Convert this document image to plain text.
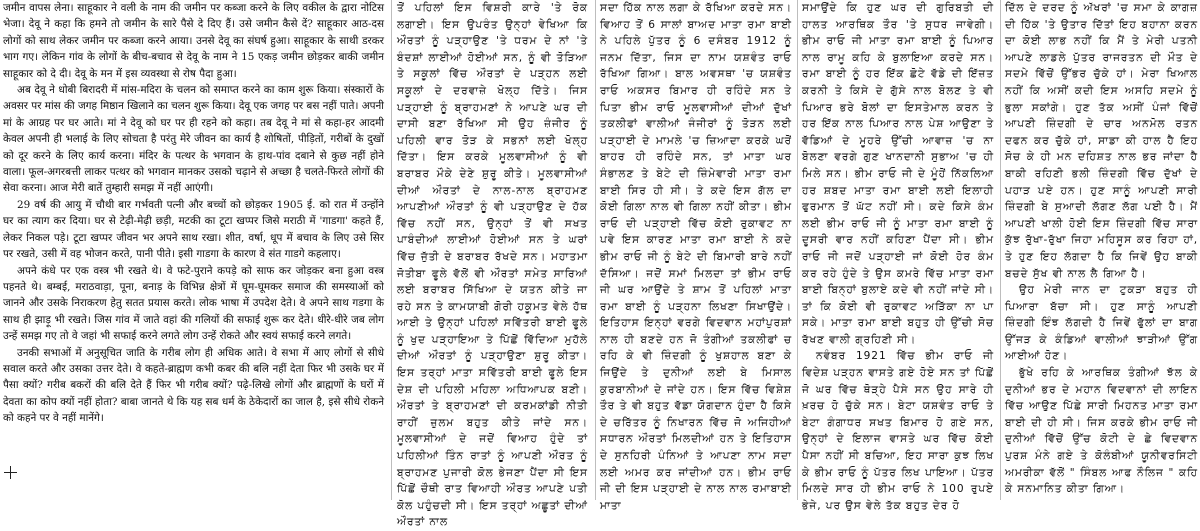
जमीन वापस लेना। साहूकार ने वली के नाम की जमीन पर कब्जा करने के लिए वकील के द्वारा नोटिस भेजा। देवू ने कहा कि हमने तो जमीन के सारे पैसे दे दिए हैं। उसे जमीन कैसे दें? साहूकार आठ-दस लोगों को साथ लेकर जमीन पर कब्जा करने आया। उनसे देवू का संघर्ष हुआ। साहूकार के साथी डरकर भाग गए। लेकिन गांव के लोगों के बीच-बचाव से देवू के नाम ने 15 एकड़ जमीन छोड़कर बाकी जमीन साहूकार को दे दी। देवू के मन में इस व्यवस्था से रोष पैदा हुआ।

अब देवू ने धोबी बिरादरी में मांस-मदिरा के चलन को समाप्त करने का काम शुरू किया। संस्कारों के अवसर पर मांस की जगह मिष्ठान खिलाने का चलन शुरू किया। देवू एक जगह पर बस नहीं पाते। अपनी मां के आग्रह पर घर आते। मां ने देवू को घर पर ही रहने को कहा। तब देवू ने मां से कहा-हर आदमी केवल अपनी ही भलाई के लिए सोचता है परंतु मेरे जीवन का कार्य है शोषितों, पीड़ितों, गरीबों के दुखों को दूर करने के लिए कार्य करना। मंदिर के पत्थर के भगवान के हाथ-पांव दबाने से कुछ नहीं होने वाला। फूल-अगरबत्ती लाकर पत्थर को भगवान मानकर उसको चढ़ाने से अच्छा है चलते-फिरते लोगों की सेवा करना। आज मेरी बातें तुम्हारी समझ में नहीं आएंगी।

29 वर्ष की आयु में चौथी बार गर्भवती पत्नी और बच्चों को छोड़कर 1905 ई. को रात में उन्होंने घर का त्याग कर दिया। घर से टेढ़ी-मेढ़ी छड़ी, मटकी का टूटा खप्पर जिसे मराठी में 'गाडगा' कहते हैं, लेकर निकल पड़े। टूटा खप्पर जीवन भर अपने साथ रखा। शीत, वर्षा, धूप में बचाव के लिए उसे सिर पर रखते, उसी में वह भोजन करते, पानी पीते। इसी गाडगा के कारण वे संत गाडगे कहलाए।

अपने कंधे पर एक वस्त्र भी रखते थे। वे फटे-पुराने कपड़े को साफ कर जोड़कर बना हुआ वस्त्र पहनते थे। बम्बई, मराठवाड़ा, पूना, बनाड़ के विभिन्न क्षेत्रों में घूम-घूमकर समाज की समस्याओं को जानने और उसके निराकरण हेतु सतत प्रयास करते। लोक भाषा में उपदेश देते। वे अपने साथ गडगा के साथ ही झाड़ू भी रखते। जिस गांव में जाते वहां की गलियों की सफाई शुरू कर देते। धीरे-धीरे जब लोग उन्हें समझ गए तो वे जहां भी सफाई करने लगते लोग उन्हें रोकते और स्वयं सफाई करने लगते।

उनकी सभाओं में अनुसूचित जाति के गरीब लोग ही अधिक आते। वे सभा में आए लोगों से सीधे सवाल करते और उसका उत्तर देते। वे कहते-ब्राह्मण कभी कबर की बलि नहीं देता फिर भी उसके घर में पैसा क्यों? गरीब बकरों की बलि देते हैं फिर भी गरीब क्यों? पढ़े-लिखे लोगों और ब्राह्मणों के घरों में देवता का कोप क्यों नहीं होता? बाबा जानते थे कि यह सब धर्म के ठेकेदारों का जाल है, इसे सीधे रोकने को कहने पर वे नहीं मानेंगे।

ਤੋਂ ਪਹਿਲਾਂ ਇਸ ਵਿਸ਼ਰੀ ਕਾਰੇ 'ਤੇ ਰੋਕ ਲਗਾਈ। ਇਸ ਉਪਰੰਤ ਉਨ੍ਹਾਂ ਵੇਖਿਆ ਕਿ ਔਰਤਾਂ ਨੂੰ ਪੜ੍ਹਾਉਣ 'ਤੇ ਧਰਮ ਦੇ ਨਾਂ 'ਤੇ ਬੰਦਸ਼ਾਂ ਲਾਈਆਂ ਹੋਈਆਂ ਸਨ, ਨੂੰ ਵੀ ਤੋੜਿਆ ਤੇ ਸਕੂਲਾਂ ਵਿੱਚ ਔਰਤਾਂ ਦੇ ਪੜ੍ਹਨ ਲਈ ਸਕੂਲਾਂ ਦੇ ਦਰਵਾਜ਼ੇ ਖੋਲ੍ਹ ਦਿੱਤੇ। ਜਿਸ ਪੜ੍ਹਾਈ ਨੂੰ ਬ੍ਰਾਹਮਣਾਂ ਨੇ ਆਪਣੇ ਘਰ ਦੀ ਦਾਸੀ ਬਣਾ ਰੱਖਿਆ ਸੀ ਉਹ ਜ਼ੰਜੀਰ ਨੂੰ ਪਹਿਲੀ ਵਾਰ ਤੋੜ ਕੇ ਸਭਨਾਂ ਲਈ ਖੋਲ੍ਹ ਦਿੱਤਾ। ਇਸ ਕਰਕੇ ਮੂਲਵਾਸੀਆਂ ਨੂੰ ਵੀ ਬਰਾਬਰ ਮੌਕੇ ਦੇਣੇ ਸ਼ੁਰੂ ਕੀਤੇ। ਮੂਲਵਾਸੀਆਂ ਦੀਆਂ ਔਰਤਾਂ ਦੇ ਨਾਲ-ਨਾਲ ਬ੍ਰਾਹਮਣ ਆਪਣੀਆਂ ਔਰਤਾਂ ਨੂੰ ਵੀ ਪੜ੍ਹਾਉਣ ਦੇ ਹੱਕ ਵਿੱਚ ਨਹੀਂ ਸਨ, ਉਨ੍ਹਾਂ ਤੋਂ ਵੀ ਸਖਤ ਪਾਬੰਦੀਆਂ ਲਾਈਆਂ ਹੋਈਆਂ ਸਨ ਤੇ ਘਰਾਂ ਵਿੱਚ ਜੁੱਤੀ ਦੇ ਬਰਾਬਰ ਰੱਖਦੇ ਸਨ। ਮਹਾਤਮਾ ਜੋਤੀਬਾ ਫੂਲੇ ਵੱਲੋਂ ਵੀ ਔਰਤਾਂ ਸਮੇਤ ਸਾਰਿਆਂ ਲਈ ਬਰਾਬਰ ਸਿੱਖਿਆ ਦੇ ਯਤਨ ਕੀਤੇ ਜਾ ਰਹੇ ਸਨ ਤੇ ਕਾਮਯਾਬੀ ਗੋਰੀ ਹਕੂਮਤ ਵੇਲੇ ਹੱਥ ਆਈ ਤੇ ਉਨ੍ਹਾਂ ਪਹਿਲਾਂ ਸਵਿੱਤਰੀ ਬਾਈ ਫੂਲੇ ਨੂੰ ਖੁਦ ਪੜ੍ਹਾਇਆ ਤੇ ਪਿੱਛੋਂ ਵਿੱਦਿਆ ਮੁਹੱਲੇ ਦੀਆਂ ਔਰਤਾਂ ਨੂੰ ਪੜ੍ਹਾਉਣਾ ਸ਼ੁਰੂ ਕੀਤਾ। ਇਸ ਤਰ੍ਹਾਂ ਮਾਤਾ ਸਵਿੱਤਰੀ ਬਾਈ ਫੂਲੇ ਇਸ ਦੇਸ਼ ਦੀ ਪਹਿਲੀ ਮਹਿਲਾ ਅਧਿਆਪਕ ਬਣੀ। ਔਰਤਾਂ ਤੇ ਬ੍ਰਾਹਮਣਾਂ ਦੀ ਕਰਮਕਾਂਡੀ ਨੀਤੀ ਰਾਹੀਂ ਜ਼ੁਲਮ ਬਹੁਤ ਕੀਤੇ ਜਾਂਦੇ ਸਨ। ਮੂਲਵਾਸੀਆਂ ਦੇ ਜਦੋਂ ਵਿਆਹ ਹੁੰਦੇ ਤਾਂ ਪਹਿਲੀਆਂ ਤਿੰਨ ਰਾਤਾਂ ਨੂੰ ਆਪਣੀ ਔਰਤ ਨੂੰ ਬ੍ਰਾਹਮਣ ਪੁਜਾਰੀ ਕੋਲ ਭੇਜਣਾ ਪੈਂਦਾ ਸੀ ਇਸ ਪਿੱਛੋਂ ਚੌਥੀ ਰਾਤ ਵਿਆਹੀ ਔਰਤ ਆਪਣੇ ਪਤੀ ਕੋਲ ਪਹੁੰਚਦੀ ਸੀ। ਇਸ ਤਰ੍ਹਾਂ ਅਛੂਤਾਂ ਦੀਆਂ ਔਰਤਾਂ ਨਾਲ

ਸਦਾ ਹਿੱਕ ਨਾਲ ਲਗਾ ਕੇ ਰੱਖਿਆ ਕਰਦੇ ਸਨ। ਵਿਆਹ ਤੋਂ 6 ਸਾਲਾਂ ਬਾਅਦ ਮਾਤਾ ਰਮਾ ਬਾਈ ਨੇ ਪਹਿਲੇ ਪੁੱਤਰ ਨੂੰ 6 ਦਸੰਬਰ 1912 ਨੂੰ ਜਨਮ ਦਿੱਤਾ, ਜਿਸ ਦਾ ਨਾਮ ਯਸ਼ਵੰਤ ਰਾਓ ਰੱਖਿਆ ਗਿਆ। ਬਾਲ ਅਵਸਥਾ 'ਚ ਯਸ਼ਵੰਤ ਰਾਓ ਅਕਸਰ ਬਿਮਾਰ ਹੀ ਰਹਿੰਦੇ ਸਨ ਤੇ ਪਿਤਾ ਭੀਮ ਰਾਓ ਮੂਲਵਾਸੀਆਂ ਦੀਆਂ ਦੁੱਖਾਂ ਤਕਲੀਫਾਂ ਵਾਲੀਆਂ ਜੰਜੀਰਾਂ ਨੂੰ ਤੋੜਨ ਲਈ ਪੜ੍ਹਾਈ ਦੇ ਮਾਮਲੇ 'ਚ ਜ਼ਿਆਦਾ ਕਰਕੇ ਘਰੋਂ ਬਾਹਰ ਹੀ ਰਹਿੰਦੇ ਸਨ, ਤਾਂ ਮਾਤਾ ਘਰ ਸੰਭਾਲਣ ਤੇ ਬੇਟੇ ਦੀ ਜ਼ਿੰਮੇਵਾਰੀ ਮਾਤਾ ਰਮਾ ਬਾਈ ਸਿਰ ਹੀ ਸੀ। ਤੇ ਕਦੇ ਇਸ ਗੱਲ ਦਾ ਕੋਈ ਗਿਲਾ ਨਾਲ ਵੀ ਗਿਲਾ ਨਹੀਂ ਕੀਤਾ। ਭੀਮ ਰਾਓ ਦੀ ਪੜ੍ਹਾਈ ਵਿੱਚ ਕੋਈ ਰੁਕਾਵਟ ਨਾ ਪਵੇ ਇਸ ਕਾਰਣ ਮਾਤਾ ਰਮਾ ਬਾਈ ਨੇ ਕਦੇ ਭੀਮ ਰਾਓ ਜੀ ਨੂੰ ਬੇਟੇ ਦੀ ਬਿਮਾਰੀ ਬਾਰੇ ਨਹੀਂ ਦੱਸਿਆ। ਜਦੋਂ ਸਮਾਂ ਮਿਲਦਾ ਤਾਂ ਭੀਮ ਰਾਓ ਜੀ ਘਰ ਆਉਂਦੇ ਤੇ ਸ਼ਾਮ ਤੋਂ ਪਹਿਲਾਂ ਮਾਤਾ ਰਮਾ ਬਾਈ ਨੂੰ ਪੜ੍ਹਨਾ ਲਿਖਣਾ ਸਿਖਾਉਂਦੇ। ਇਤਿਹਾਸ ਇਨ੍ਹਾਂ ਵਰਗੇ ਵਿਦਵਾਨ ਮਹਾਂਪੁਰਸ਼ਾਂ ਨਾਲ ਹੀ ਬਣਦੇ ਹਨ ਜੋ ਤੰਗੀਆਂ ਤਕਲੀਫਾਂ ਚ ਰਹਿ ਕੇ ਵੀ ਜ਼ਿੰਦਗੀ ਨੂੰ ਖੁਸ਼ਹਾਲ ਬਣਾ ਕੇ ਜਿਉਂਦੇ ਤੇ ਦੁਨੀਆਂ ਲਈ ਬੇ ਮਿਸਾਲ ਕੁਰਬਾਨੀਆਂ ਦੇ ਜਾਂਦੇ ਹਨ। ਇਸ ਵਿੱਚ ਵਿਸ਼ੇਸ਼ ਤੌਰ ਤੇ ਵੀ ਬਹੁਤ ਵੱਡਾ ਯੋਗਦਾਨ ਹੁੰਦਾ ਹੈ ਕਿਸੇ ਦੇ ਚਰਿੱਤਰ ਨੂੰ ਨਿਖਾਰਨ ਵਿੱਚ ਜੋ ਅਜਿਹੀਆਂ ਸਧਾਰਨ ਔਰਤਾਂ ਮਿਲਦੀਆਂ ਹਨ ਤੇ ਇਤਿਹਾਸ ਦੇ ਸੁਨਹਿਰੀ ਪੰਨਿਆਂ ਤੇ ਆਪਣਾ ਨਾਮ ਸਦਾ ਲਈ ਅਮਰ ਕਰ ਜਾਂਦੀਆਂ ਹਨ। ਭੀਮ ਰਾਓ ਜੀ ਦੀ ਇਸ ਪੜ੍ਹਾਈ ਦੇ ਨਾਲ ਨਾਲ ਰਮਾਬਾਈ ਮਾਤਾ

ਸਮਾਉਂਦੇ ਕਿ ਹੁਣ ਘਰ ਦੀ ਗੁਰਿਬਤੀ ਦੀ ਹਾਲਤ ਆਰਥਿਕ ਤੌਰ 'ਤੇ ਸੁਧਰ ਜਾਵੇਗੀ। ਭੀਮ ਰਾਓ ਜੀ ਮਾਤਾ ਰਮਾ ਬਾਈ ਨੂੰ ਪਿਆਰ ਨਾਲ ਰਾਮੂ ਕਹਿ ਕੇ ਬੁਲਾਇਆ ਕਰਦੇ ਸਨ। ਰਮਾ ਬਾਈ ਨੂੰ ਹਰ ਇੱਕ ਛੋਟੇ ਵੱਡੇ ਦੀ ਇੱਜ਼ਤ ਕਰਨੀ ਤੇ ਕਿਸੇ ਦੇ ਗੁੱਸੇ ਨਾਲ ਬੋਲਣ ਤੇ ਵੀ ਪਿਆਰ ਭਰੇ ਬੋਲਾਂ ਦਾ ਇਸਤੇਮਾਲ ਕਰਨ ਤੇ ਹਰ ਇੱਕ ਨਾਲ ਪਿਆਰ ਨਾਲ ਪੇਸ਼ ਆਉਣਾ ਤੇ ਵੱਡਿਆਂ ਦੇ ਮੂਹਰੇ ਉੱਚੀ ਆਵਾਜ਼ 'ਚ ਨਾ ਬੋਲਣਾ ਵਰਗੇ ਗੁਣ ਖਾਨਦਾਨੀ ਸੁਭਾਅ 'ਚ ਹੀ ਮਿਲੇ ਸਨ। ਭੀਮ ਰਾਓ ਜੀ ਦੇ ਮੂੰਹੋਂ ਨਿੱਕਲਿਆ ਹਰ ਸ਼ਬਦ ਮਾਤਾ ਰਮਾ ਬਾਈ ਲਈ ਇਲਾਹੀ ਫੁਰਮਾਨ ਤੋਂ ਘੱਟ ਨਹੀਂ ਸੀ। ਕਦੇ ਕਿਸੇ ਕੰਮ ਲਈ ਭੀਮ ਰਾਓ ਜੀ ਨੂੰ ਮਾਤਾ ਰਮਾ ਬਾਈ ਨੂੰ ਦੂਸਰੀ ਵਾਰ ਨਹੀਂ ਕਹਿਣਾ ਪੈਂਦਾ ਸੀ। ਭੀਮ ਰਾਓ ਜੀ ਜਦੋਂ ਪੜ੍ਹਾਈ ਜਾਂ ਕੋਈ ਹੋਰ ਕੰਮ ਕਰ ਰਹੇ ਹੁੰਦੇ ਤੇ ਉਸ ਕਮਰੇ ਵਿੱਚ ਮਾਤਾ ਰਮਾ ਬਾਈ ਬਿਨ੍ਹਾਂ ਬੁਲਾਏ ਕਦੇ ਵੀ ਨਹੀਂ ਜਾਂਦੇ ਸੀ। ਤਾਂ ਕਿ ਕੋਈ ਵੀ ਰੁਕਾਵਟ ਅੜਿੱਕਾ ਨਾ ਪਾ ਸਕੇ। ਮਾਤਾ ਰਮਾ ਬਾਈ ਬਹੁਤ ਹੀ ਉੱਚੀ ਸੋਚ ਰੱਖਣ ਵਾਲੀ ਗ੍ਰਹਿਣੀ ਸੀ।

ਨਵੰਬਰ 1921 ਵਿੱਚ ਭੀਮ ਰਾਓ ਜੀ ਵਿਦੇਸ਼ ਪੜ੍ਹਨ ਵਾਸਤੇ ਗਏ ਹੋਏ ਸਨ ਤਾਂ ਪਿੱਛੋਂ ਜੋ ਘਰ ਵਿੱਚ ਥੋੜ੍ਹੇ ਪੈਸੇ ਸਨ ਉਹ ਸਾਰੇ ਹੀ ਖ਼ਰਚ ਹੋ ਚੁੱਕੇ ਸਨ। ਬੇਟਾ ਯਸ਼ਵੰਤ ਰਾਓ ਤੇ ਬੇਟਾ ਗੰਗਾਧਰ ਸਖਤ ਬਿਮਾਰ ਹੋ ਗਏ ਸਨ, ਉਨ੍ਹਾਂ ਦੇ ਇਲਾਜ ਵਾਸਤੇ ਘਰ ਵਿੱਚ ਕੋਈ ਪੈਸਾ ਨਹੀਂ ਸੀ ਬਚਿਆ, ਇਹ ਸਾਰਾ ਕੁਝ ਲਿਖ ਕੇ ਭੀਮ ਰਾਓ ਨੂੰ ਪੱਤਰ ਲਿਖ ਪਾਇਆ। ਪੱਤਰ ਮਿਲਦੇ ਸਾਰ ਹੀ ਭੀਮ ਰਾਓ ਨੇ 100 ਰੁਪਏ ਭੇਜੇ, ਪਰ ਉਸ ਵੇਲੇ ਤੱਕ ਬਹੁਤ ਦੇਰ ਹੋ

ਦਿੱਲ ਦੇ ਦਰਦ ਨੂੰ ਅੱਖਰਾਂ 'ਚ ਸਮਾ ਕੇ ਕਾਗਜ਼ ਦੀ ਹਿੱਕ 'ਤੇ ਉਤਾਰ ਦਿੱਤਾਂ ਇਹ ਬਹਾਨਾ ਕਰਨ ਦਾ ਕੋਈ ਲਾਭ ਨਹੀਂ ਕਿ ਮੈਂ ਤੇ ਮੇਰੀ ਪਤਨੀ ਆਪਣੇ ਲਾਡਲੇ ਪੁੱਤਰ ਰਾਜਰਤਨ ਦੀ ਮੌਤ ਦੇ ਸਦਮੇ ਵਿੱਚੋਂ ਉੱਭਰ ਚੁੱਕੇ ਹਾਂ। ਮੇਰਾ ਖਿਆਲ ਨਹੀਂ ਕਿ ਅਸੀਂ ਕਦੀ ਇਸ ਅਸਹਿ ਸਦਮੇ ਨੂੰ ਭੁਲਾ ਸਕਾਂਗੇ। ਹੁਣ ਤੱਕ ਅਸੀਂ ਪੰਜਾਂ ਵਿੱਚੋਂ ਆਪਣੀ ਜ਼ਿੰਦਗੀ ਦੇ ਚਾਰ ਅਨਮੋਲ ਰਤਨ ਦਫਨ ਕਰ ਚੁੱਕੇ ਹਾਂ, ਸਾਡਾ ਕੀ ਹਾਲ ਹੈ ਇਹ ਸੋਚ ਕੇ ਹੀ ਮਨ ਦਹਿਸ਼ਤ ਨਾਲ ਭਰ ਜਾਂਦਾ ਹੈ ਬਾਕੀ ਰਹਿਣੀ ਭਲੀ ਜ਼ਿੰਦਗੀ ਵਿੱਚ ਦੁੱਖਾਂ ਦੇ ਪਹਾੜ ਪਏ ਹਨ। ਹੁਣ ਸਾਨੂੰ ਆਪਣੀ ਸਾਰੀ ਜ਼ਿੰਦਗੀ ਬੇ ਸੁਆਦੀ ਲੱਗਣ ਲੱਗ ਪਈ ਹੈ। ਮੈਂ ਆਪਣੀ ਖਾਲੀ ਹੋਈ ਇਸ ਜ਼ਿੰਦਗੀ ਵਿੱਚ ਸਾਰਾ ਕੁੱਝ ਰੁੱਖਾ-ਰੁੱਖਾ ਜਿਹਾ ਮਹਿਸੂਸ ਕਰ ਰਿਹਾ ਹਾਂ, ਤੇ ਹੁਣ ਇਹ ਲੱਗਦਾ ਹੈ ਕਿ ਜਿਵੇਂ ਉਹ ਬਾਕੀ ਬਚਦੇ ਸੁੱਖ ਵੀ ਨਾਲ ਲੈ ਗਿਆ ਹੈ।

ਉਹ ਮੇਰੀ ਜਾਨ ਦਾ ਟੁਕੜਾ ਬਹੁਤ ਹੀ ਪਿਆਰਾ ਬੱਚਾ ਸੀ। ਹੁਣ ਸਾਨੂੰ ਆਪਣੀ ਜ਼ਿੰਦਗੀ ਇੰਝ ਲੱਗਦੀ ਹੈ ਜਿਵੇਂ ਫੁੱਲਾਂ ਦਾ ਬਾਗ ਉੱਜੜ ਕੇ ਕੰਡਿਆਂ ਵਾਲੀਆਂ ਝਾੜੀਆਂ ਉੱਗ ਆਈਆਂ ਹੋਣ।

ਭੁੱਖੇ ਰਹਿ ਕੇ ਆਰਥਿਕ ਤੰਗੀਆਂ ਝੱਲ ਕੇ ਦੁਨੀਆਂ ਭਰ ਦੇ ਮਹਾਨ ਵਿਦਵਾਨਾਂ ਦੀ ਲਾਇਨ ਵਿੱਚ ਆਉਣ ਪਿੱਛੇ ਸਾਰੀ ਮਿਹਨਤ ਮਾਤਾ ਰਮਾ ਬਾਈ ਦੀ ਹੀ ਸੀ। ਜਿਸ ਕਰਕੇ ਭੀਮ ਰਾਓ ਜੀ ਦੁਨੀਆਂ ਵਿੱਚੋਂ ਉੱਚ ਕੋਟੀ ਦੇ ਛੇ ਵਿਦਵਾਨ ਪੁਰਸ਼ ਮੰਨੇ ਗਏ ਤੇ ਕੋਲੰਬੀਆਂ ਯੂਨੀਵਰਸਿਟੀ ਅਮਰੀਕਾ ਵੱਲੋਂ " ਸਿੰਬਲ ਆਫ ਨੌਲਿਜ " ਕਹਿ ਕੇ ਸਨਮਾਨਿਤ ਕੀਤਾ ਗਿਆ।
